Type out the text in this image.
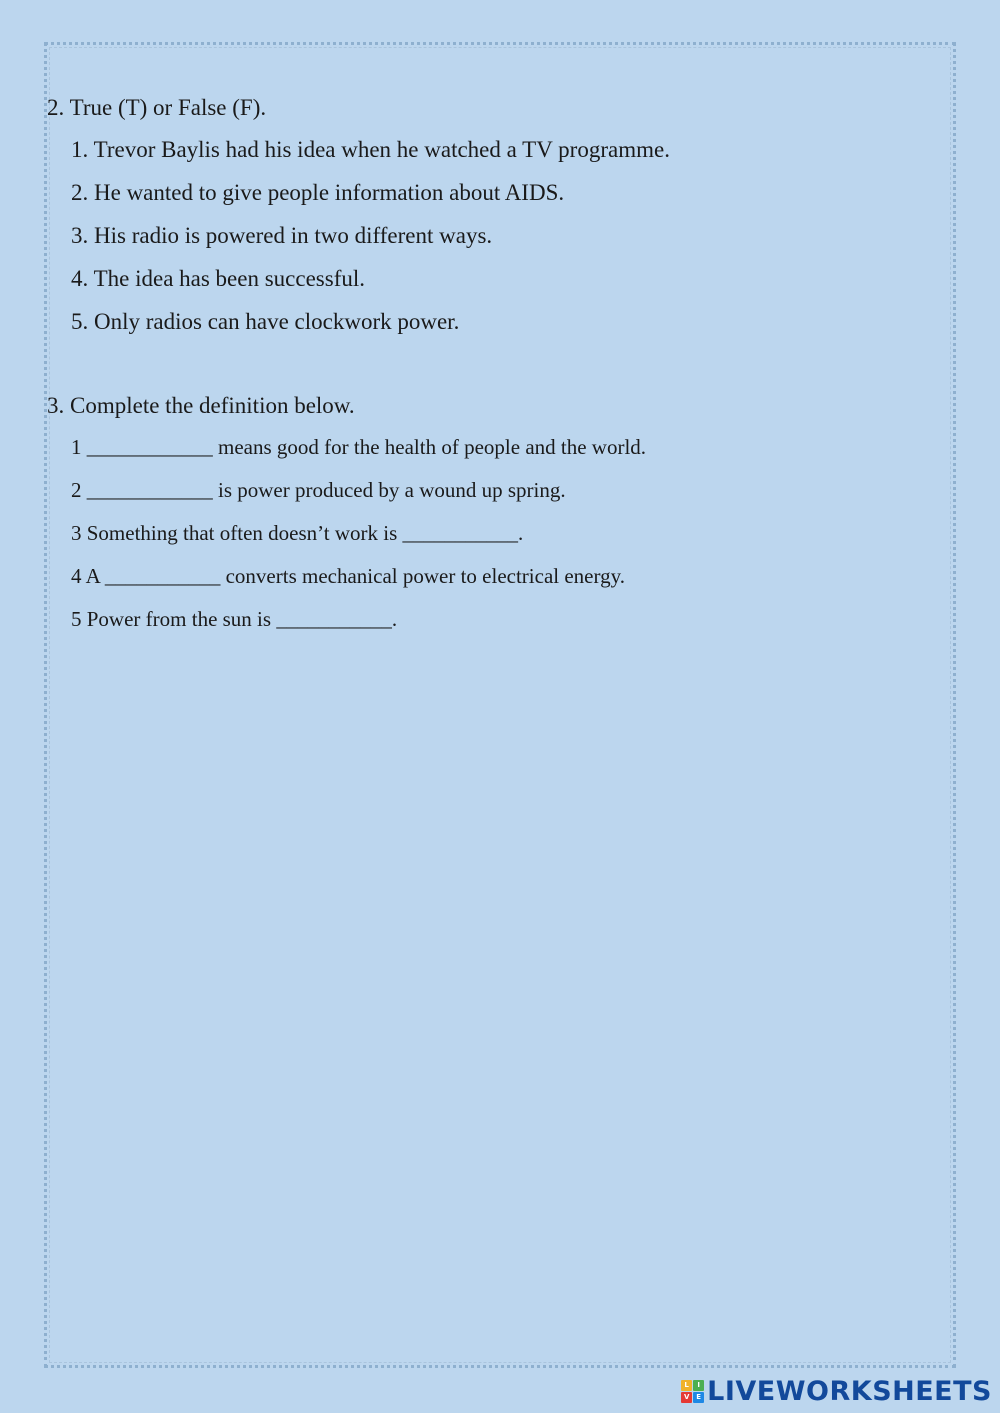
2. True (T) or False (F).
1. Trevor Baylis had his idea when he watched a TV programme.
2. He wanted to give people information about AIDS.
3. His radio is powered in two different ways.
4. The idea has been successful.
5. Only radios can have clockwork power.
3. Complete the definition below.
1 ____________ means good for the health of people and the world.
2 ____________ is power produced by a wound up spring.
3 Something that often doesn’t work is ___________.
4 A ___________ converts mechanical power to electrical energy.
5 Power from the sun is ___________.
L	I
V E LIVEWORKSHEETS
